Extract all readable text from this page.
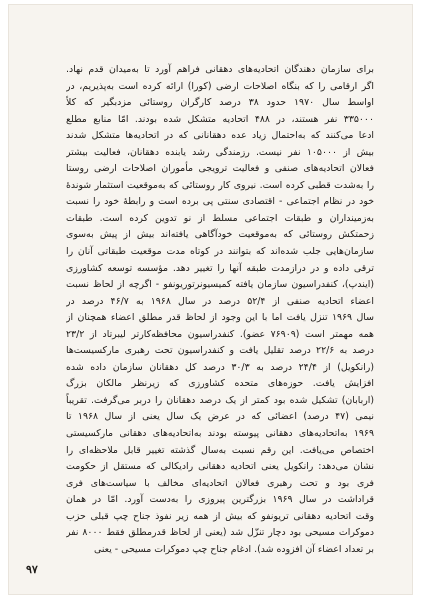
برای سازمان دهندگان اتحادیه‌های دهقانی فراهم آورد تا به‌میدان قدم نهاد.
اگر ارقامی را که بنگاه اصلاحات ارضی (کورا) ارائه کرده است به‌پذیریم، در
اواسط سال ۱۹۷۰ حدود ۳۸ درصد کارگران روستائی مزدبگیر که کلاً
۳۳۵۰۰۰ نفر هستند، در ۴۸۸ اتحادیه متشکل شده بودند. امّا منابع مطلع
ادعا می‌کنند که به‌احتمال زیاد عده دهقانانی که در اتحادیه‌ها متشکل شدند
بیش از ۱۰۵۰۰۰ نفر نیست. رزمندگی رشد یابنده دهقانان، فعالیت بیشتر
فعالان اتحادیه‌های صنفی و فعالیت ترویجی مأموران اصلاحات ارضی روستا
را به‌شدت قطبی کرده است. نیروی کار روستائی که به‌موقعیت استثمار شوندهٔ
خود در نظام اجتماعی - اقتصادی سنتی پی برده است و رابطهٔ خود را نسبت
به‌زمینداران و طبقات اجتماعی مسلط از نو تدوین کرده است. طبقات
زحمتکش روستائی که به‌موقعیت خودآگاهی یافته‌اند بیش از پیش به‌سوی
سازمان‌هایی جلب شده‌اند که بتوانند در کوتاه مدت موقعیت طبقاتی آنان را
ترقی داده و در درازمدت طبقه آنها را تغییر دهد. مؤسسه توسعه کشاورزی
(ایندپ)، کنفدراسیون سازمان یافته کمیسیونرتوریونفو - اگرچه از لحاظ نسبت
اعضاء اتحادیه صنفی از ۵۲/۴ درصد در سال ۱۹۶۸ به ۴۶/۷ درصد در
سال ۱۹۶۹ تنزل یافت اما با این وجود از لحاظ قدر مطلق اعضاء همچنان از
همه مهمتر است (۷۶۹۰۹ عضو). کنفدراسیون محافظه‌کارتر لیبرتاد از ۲۳/۲
درصد به ۲۲/۶ درصد تقلیل یافت و کنفدراسیون تحت رهبری مارکسیست‌ها
(رانکویل) از ۲۴/۴ درصد به ۳۰/۳ درصد کل دهقانان سازمان داده شده
افزایش یافت. حوزه‌های متحده کشاورزی که زیرنظر مالکان بزرگ
(اربابان) تشکیل شده بود کمتر از یک درصد دهقانان را دربر می‌گرفت. تقریباً
نیمی (۴۷ درصد) اعضائی که در عرض یک سال یعنی از سال ۱۹۶۸ تا
۱۹۶۹ به‌اتحادیه‌های دهقانی پیوسته بودند به‌اتحادیه‌های دهقانی مارکسیستی
اختصاص می‌یافت. این رقم نسبت به‌سال گذشته تغییر قابل ملاحظه‌ای را
نشان می‌دهد: رانکویل یعنی اتحادیه دهقانی رادیکالی که مستقل از حکومت
فری بود و تحت رهبری فعالان اتحادیه‌ای مخالف با سیاست‌های فری
قراداشت در سال ۱۹۶۹ بزرگترین پیروزی را به‌دست آورد. امّا در همان
وقت اتحادیه دهقانی تریونفو که بیش از همه زیر نفوذ جناح چپ قبلی حزب
دموکرات مسیحی بود دچار تنزّل شد (یعنی از لحاظ قدرمطلق فقط ۸۰۰۰ نفر
بر تعداد اعضاء آن افزوده شد). ادغام جناح چپ دموکرات مسیحی - یعنی
۹۷
